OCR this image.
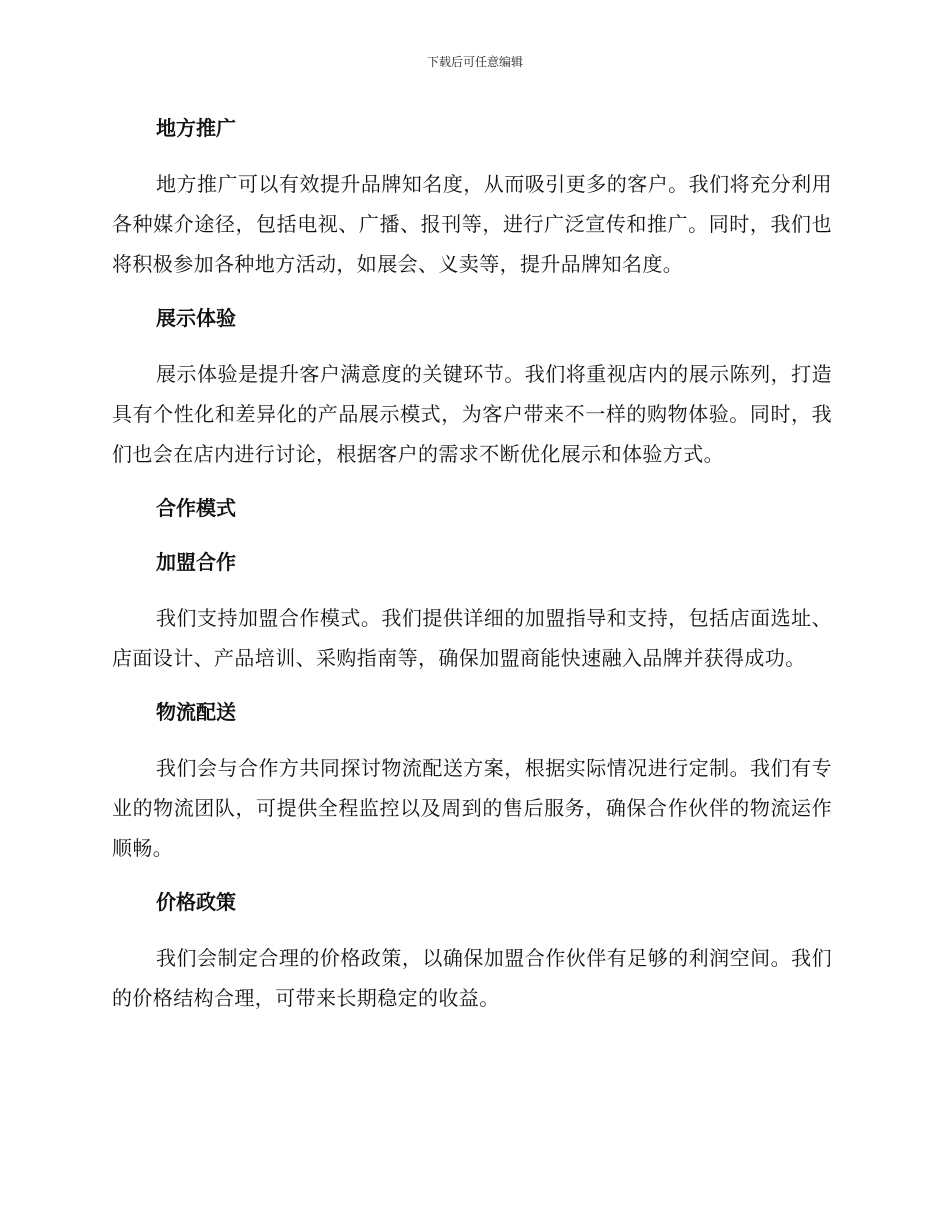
下载后可任意编辑
地方推广

地方推广可以有效提升品牌知名度，从而吸引更多的客户。我们将充分利用各种媒介途径，包括电视、广播、报刊等，进行广泛宣传和推广。同时，我们也将积极参加各种地方活动，如展会、义卖等，提升品牌知名度。

展示体验

展示体验是提升客户满意度的关键环节。我们将重视店内的展示陈列，打造具有个性化和差异化的产品展示模式，为客户带来不一样的购物体验。同时，我们也会在店内进行讨论，根据客户的需求不断优化展示和体验方式。

合作模式
加盟合作

我们支持加盟合作模式。我们提供详细的加盟指导和支持，包括店面选址、店面设计、产品培训、采购指南等，确保加盟商能快速融入品牌并获得成功。

物流配送

我们会与合作方共同探讨物流配送方案，根据实际情况进行定制。我们有专业的物流团队，可提供全程监控以及周到的售后服务，确保合作伙伴的物流运作顺畅。

价格政策

我们会制定合理的价格政策，以确保加盟合作伙伴有足够的利润空间。我们的价格结构合理，可带来长期稳定的收益。
